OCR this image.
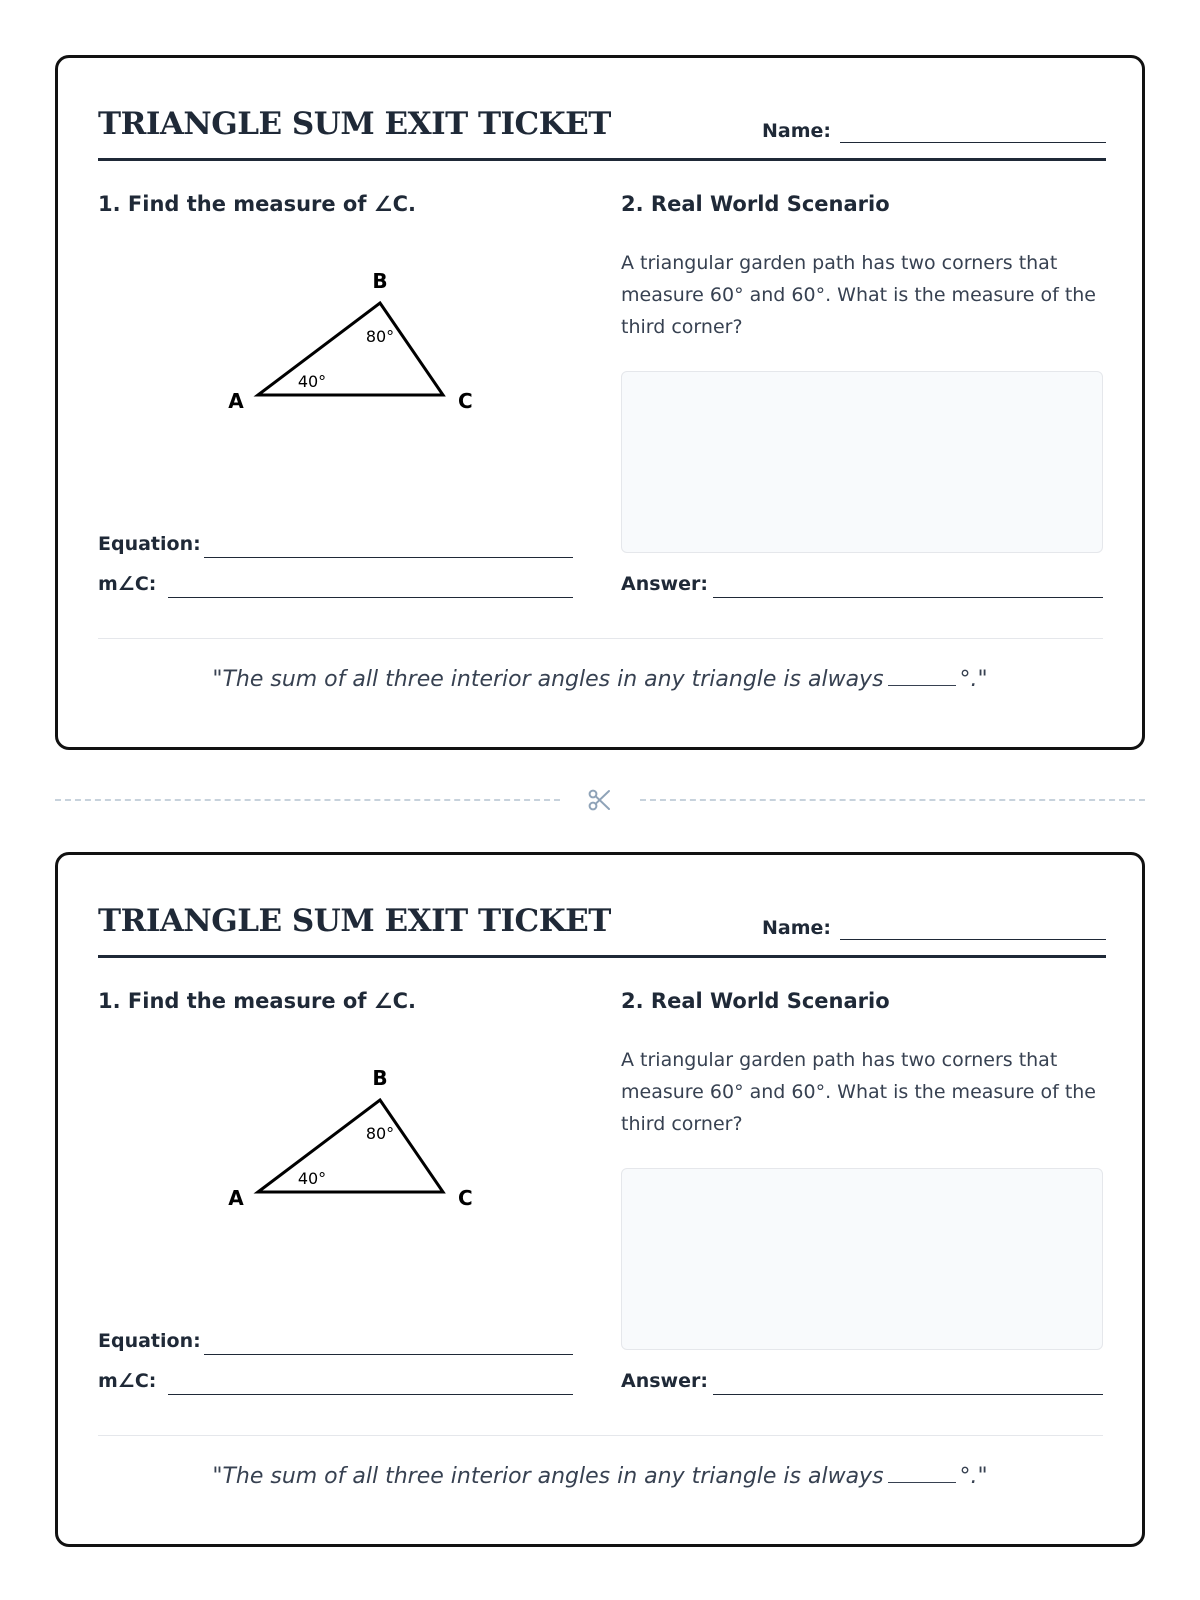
TRIANGLE SUM EXIT TICKET	Name:
1. Find the measure of ∠C.
A
B
C
40°
80°
Equation:
m∠C:
2. Real World Scenario
A triangular garden path has two corners that measure 60° and 60°. What is the measure of the third corner?
Answer:
"The sum of all three interior angles in any triangle is always	°."
TRIANGLE SUM EXIT TICKET	Name:
1. Find the measure of ∠C.
A
B
C
40°
80°
Equation:
m∠C:
2. Real World Scenario
A triangular garden path has two corners that measure 60° and 60°. What is the measure of the third corner?
Answer:
"The sum of all three interior angles in any triangle is always	°."
